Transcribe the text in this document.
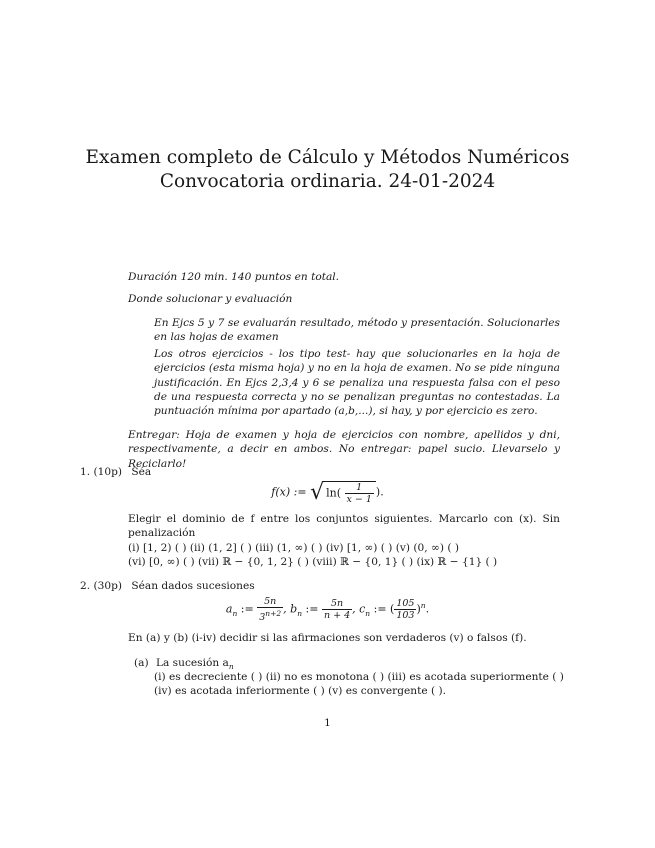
Examen completo de Cálculo y Métodos Numéricos
Convocatoria ordinaria. 24-01-2024
Duración 120 min. 140 puntos en total.
Donde solucionar y evaluación
En Ejcs 5 y 7 se evaluarán resultado, método y presentación. Solucionarles en las hojas de examen
Los otros ejercicios - los tipo test- hay que solucionarles en la hoja de ejercicios (esta misma hoja) y no en la hoja de examen. No se pide ninguna justificación. En Ejcs 2,3,4 y 6 se penaliza una respuesta falsa con el peso de una respuesta correcta y no se penalizan preguntas no contestadas. La puntuación mínima por apartado (a,b,...), si hay, y por ejercicio es zero.
Entregar: Hoja de examen y hoja de ejercicios con nombre, apellidos y dni, respectivamente, a decir en ambos. No entregar: papel sucio. Llevarselo y Reciclarlo!
1. (10p) Séa
f(x) := √ $\ln( \frac{1}{x - 1}$ ).
Elegir el dominio de f entre los conjuntos siguientes. Marcarlo con (x). Sin penalización
(i) [1, 2) ( ) (ii) (1, 2] ( ) (iii) (1, ∞) ( ) (iv) [1, ∞) ( ) (v) (0, ∞) ( )
(vi) [0, ∞) ( ) (vii) ℝ − {0, 1, 2} ( ) (viii) ℝ − {0, 1} ( ) (ix) ℝ − {1} ( )
2. (30p) Séan dados sucesiones
$a_n$ := $\frac{5n}{3^{n+2}}$ , $b_n$ := $\frac{5n}{n + 4}$ , $c_n$ := ( $\frac{105}{103} )^n$.
En (a) y (b) (i-iv) decidir si las afirmaciones son verdaderos (v) o falsos (f).
(a) La sucesión $a_n$
(i) es decreciente ( ) (ii) no es monotona ( ) (iii) es acotada superiormente ( )
(iv) es acotada inferiormente ( ) (v) es convergente ( ).
1
